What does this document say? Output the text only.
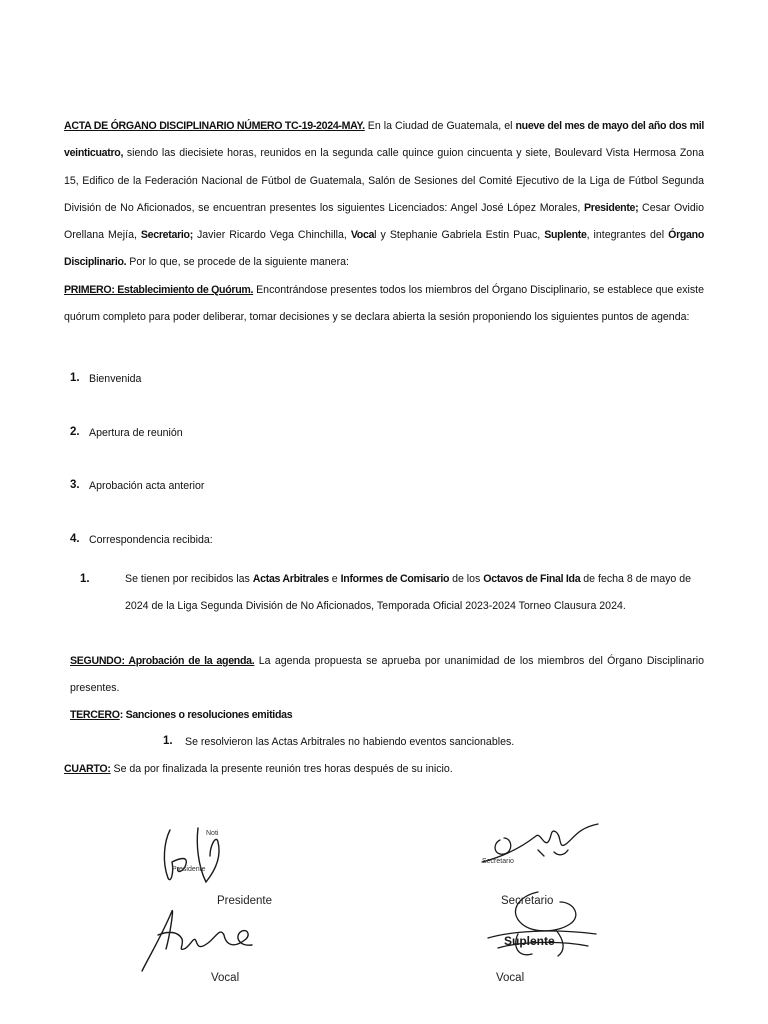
ACTA DE ÓRGANO DISCIPLINARIO NÚMERO TC-19-2024-MAY. En la Ciudad de Guatemala, el nueve del mes de mayo del año dos mil veinticuatro, siendo las diecisiete horas, reunidos en la segunda calle quince guion cincuenta y siete, Boulevard Vista Hermosa Zona 15, Edifico de la Federación Nacional de Fútbol de Guatemala, Salón de Sesiones del Comité Ejecutivo de la Liga de Fútbol Segunda División de No Aficionados, se encuentran presentes los siguientes Licenciados: Angel José López Morales, Presidente; Cesar Ovidio Orellana Mejía, Secretario; Javier Ricardo Vega Chinchilla, Vocal y Stephanie Gabriela Estin Puac, Suplente, integrantes del Órgano Disciplinario. Por lo que, se procede de la siguiente manera:
PRIMERO: Establecimiento de Quórum. Encontrándose presentes todos los miembros del Órgano Disciplinario, se establece que existe quórum completo para poder deliberar, tomar decisiones y se declara abierta la sesión proponiendo los siguientes puntos de agenda:
1. Bienvenida
2. Apertura de reunión
3. Aprobación acta anterior
4. Correspondencia recibida:
1.	Se tienen por recibidos las Actas Arbitrales e Informes de Comisario de los Octavos de Final Ida de fecha 8 de mayo de 2024 de la Liga Segunda División de No Aficionados, Temporada Oficial 2023-2024 Torneo Clausura 2024.
SEGUNDO: Aprobación de la agenda. La agenda propuesta se aprueba por unanimidad de los miembros del Órgano Disciplinario presentes.
TERCERO: Sanciones o resoluciones emitidas
1. Se resolvieron las Actas Arbitrales no habiendo eventos sancionables.
CUARTO: Se da por finalizada la presente reunión tres horas después de su inicio.
Noti
Presidente
Presidente
Secretario
Secretario
Vocal
Suplente
Vocal
